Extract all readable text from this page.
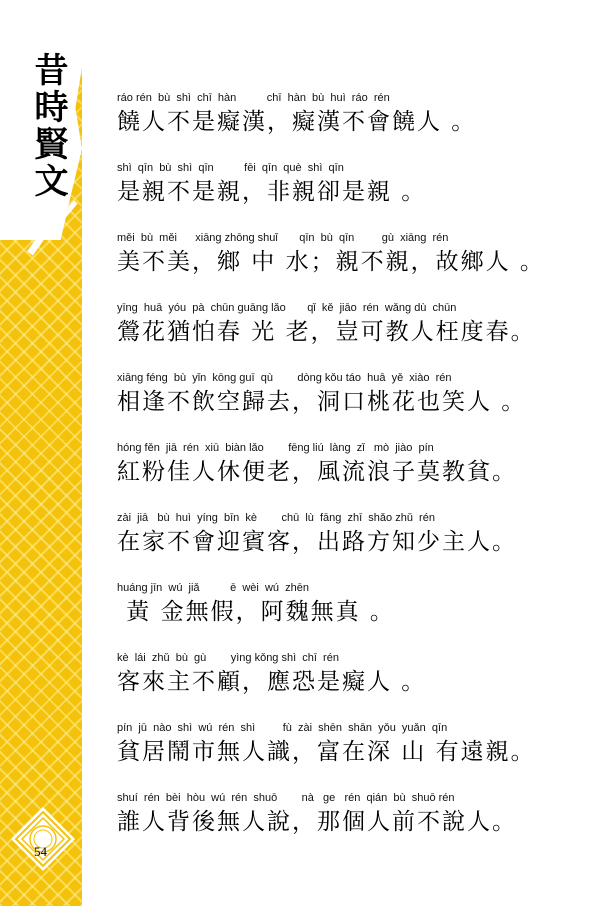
昔時賢文
54
ráo rén  bù  shì  chī  hàn          chī  hàn  bù  huì  ráo  rén
饒人不是癡漢，癡漢不會饒人 。
shì  qīn  bù  shì  qīn          fēi  qīn  què  shì  qīn
是親不是親，非親卻是親 。
měi  bù  měi      xiāng zhōng shuǐ       qīn  bù  qīn         gù  xiāng  rén
美不美，鄉 中 水；親不親，故鄉人 。
yīng  huā  yóu  pà  chūn guāng lǎo       qǐ  kě  jiāo  rén  wǎng dù  chūn
鶯花猶怕春 光 老，豈可教人枉度春。
xiāng féng  bù  yǐn  kōng guī  qù        dòng kǒu táo  huā  yě  xiào  rén
相逢不飲空歸去，洞口桃花也笑人 。
hóng fěn  jiā  rén  xiū  biàn lǎo        fēng liú  làng  zǐ   mò  jiào  pín
紅粉佳人休便老，風流浪子莫教貧。
zài  jiā   bù  huì  yíng  bīn  kè        chū  lù  fāng  zhī  shǎo zhǔ  rén
在家不會迎賓客，出路方知少主人。
huáng jīn  wú  jiǎ          ē  wèi  wú  zhēn
黃 金無假，阿魏無真 。
kè  lái  zhǔ  bù  gù        yìng kǒng shì  chī  rén
客來主不顧，應恐是癡人 。
pín  jū  nào  shì  wú  rén  shì         fù  zài  shēn  shān  yǒu  yuǎn  qīn
貧居鬧市無人識，富在深 山 有遠親。
shuí  rén  bèi  hòu  wú  rén  shuō        nà   ge   rén  qián  bù  shuō rén
誰人背後無人說，那個人前不說人。
